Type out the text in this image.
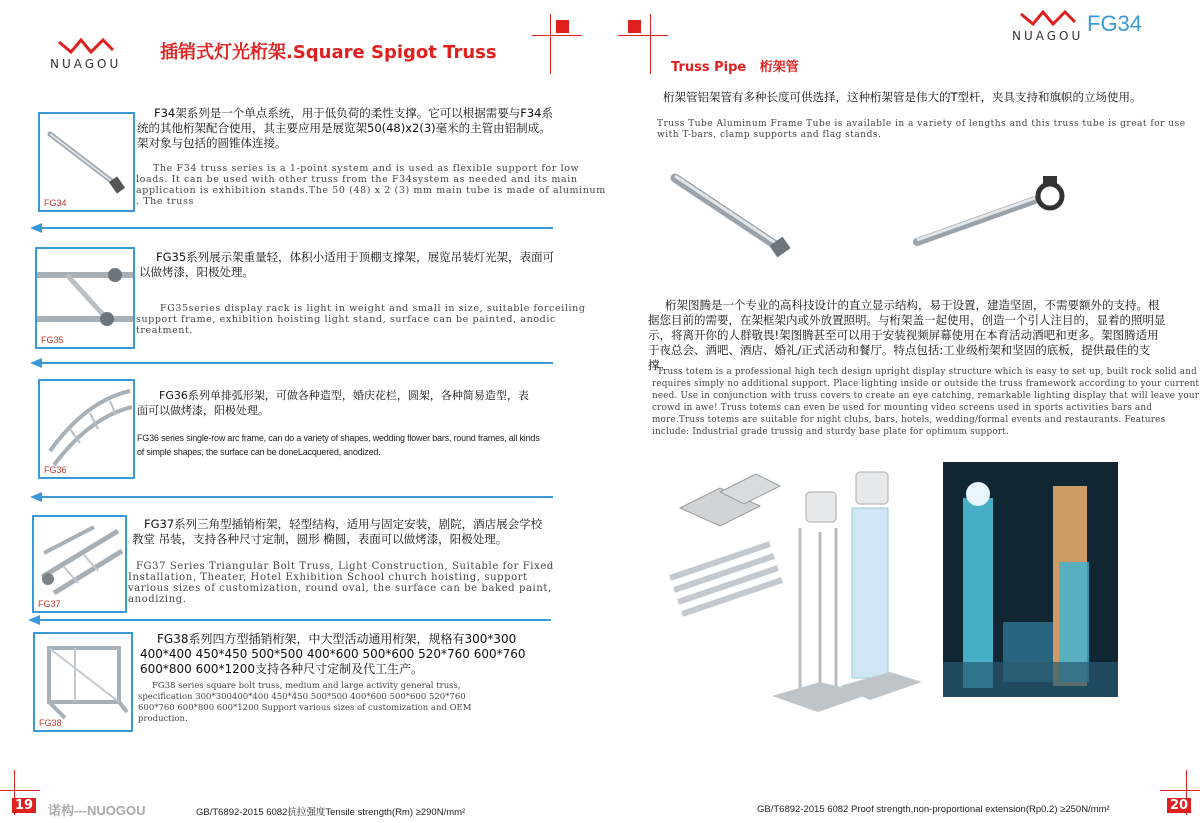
NUAGOU
插销式灯光桁架.Square Spigot Truss
FG34
F34架系列是一个单点系统，用于低负荷的柔性支撑。它可以根据需要与F34系统的其他桁架配合使用，其主要应用是展览架50(48)x2(3)毫米的主管由铝制成。架对象与包括的圆锥体连接。
The F34 truss series is a 1-point system and is used as flexible support for low loads. It can be used with other truss from the F34system as needed and its main application is exhibition stands.The 50 (48) x 2 (3) mm main tube is made of aluminum . The truss
FG35
FG35系列展示架重量轻，体积小适用于顶棚支撑架，展览吊装灯光架，表面可以做烤漆，阳极处理。
FG35series display rack is light in weight and small in size, suitable forceiling support frame, exhibition hoisting light stand, surface can be painted, anodic treatment.
FG36
FG36系列单排弧形架，可做各种造型，婚庆花栏，圆架，各种简易造型，表面可以做烤漆，阳极处理。
FG36 series single-row arc frame, can do a variety of shapes, wedding flower bars, round frames, all kinds of simple shapes, the surface can be doneLacquered, anodized.
FG37
FG37系列三角型插销桁架，轻型结构，适用与固定安装，剧院，酒店展会学校 教堂 吊装，支持各种尺寸定制，圆形 椭圆，表面可以做烤漆，阳极处理。
FG37 Series Triangular Bolt Truss, Light Construction, Suitable for Fixed Installation, Theater, Hotel Exhibition School church hoisting, support various sizes of customization, round oval, the surface can be baked paint, anodizing.
FG38
FG38系列四方型插销桁架，中大型活动通用桁架，规格有300*300 400*400 450*450 500*500 400*600 500*600 520*760 600*760 600*800 600*1200支持各种尺寸定制及代工生产。
FG38 series square bolt truss, medium and large activity general truss, specification 300*300400*400 450*450 500*500 400*600 500*600 520*760 600*760 600*800 600*1200 Support various sizes of customization and OEM production.
19 诺构---NUOGOU	GB/T6892-2015 6082抗拉强度Tensile strength(Rm) ≥290N/mm²
NUAGOU FG34
Truss Pipe   桁架管
桁架管铝架管有多种长度可供选择，这种桁架管是伟大的T型杆，夹具支持和旗帜的立场使用。
Truss Tube Aluminum Frame Tube is available in a variety of lengths and this truss tube is great for use with T-bars, clamp supports and flag stands.
桁架图腾是一个专业的高科技设计的直立显示结构，易于设置，建造坚固，不需要额外的支持。根据您目前的需要，在架框架内或外放置照明。与桁架盖一起使用，创造一个引人注目的，显着的照明显示，将离开你的人群敬畏!架图腾甚至可以用于安装视频屏幕使用在本育活动酒吧和更多。架图腾适用于夜总会、酒吧、酒店、婚礼/正式活动和餐厅。特点包括:工业级桁架和坚固的底板，提供最佳的支撑。
Truss totem is a professional high tech design upright display structure which is easy to set up, built rock solid and requires simply no additional support. Place lighting inside or outside the truss framework according to your current need. Use in conjunction with truss covers to create an eye catching, remarkable lighting display that will leave your crowd in awe! Truss totems can even be used for mounting video screens used in sports activities bars and more.Truss totems are suitable for night clubs, bars, hotels, wedding/formal events and restaurants. Features include: Industrial grade trussig and sturdy base plate for optimum support.
GB/T6892-2015 6082 Proof strength,non-proportional extension(Rp0.2) ≥250N/mm²	20
